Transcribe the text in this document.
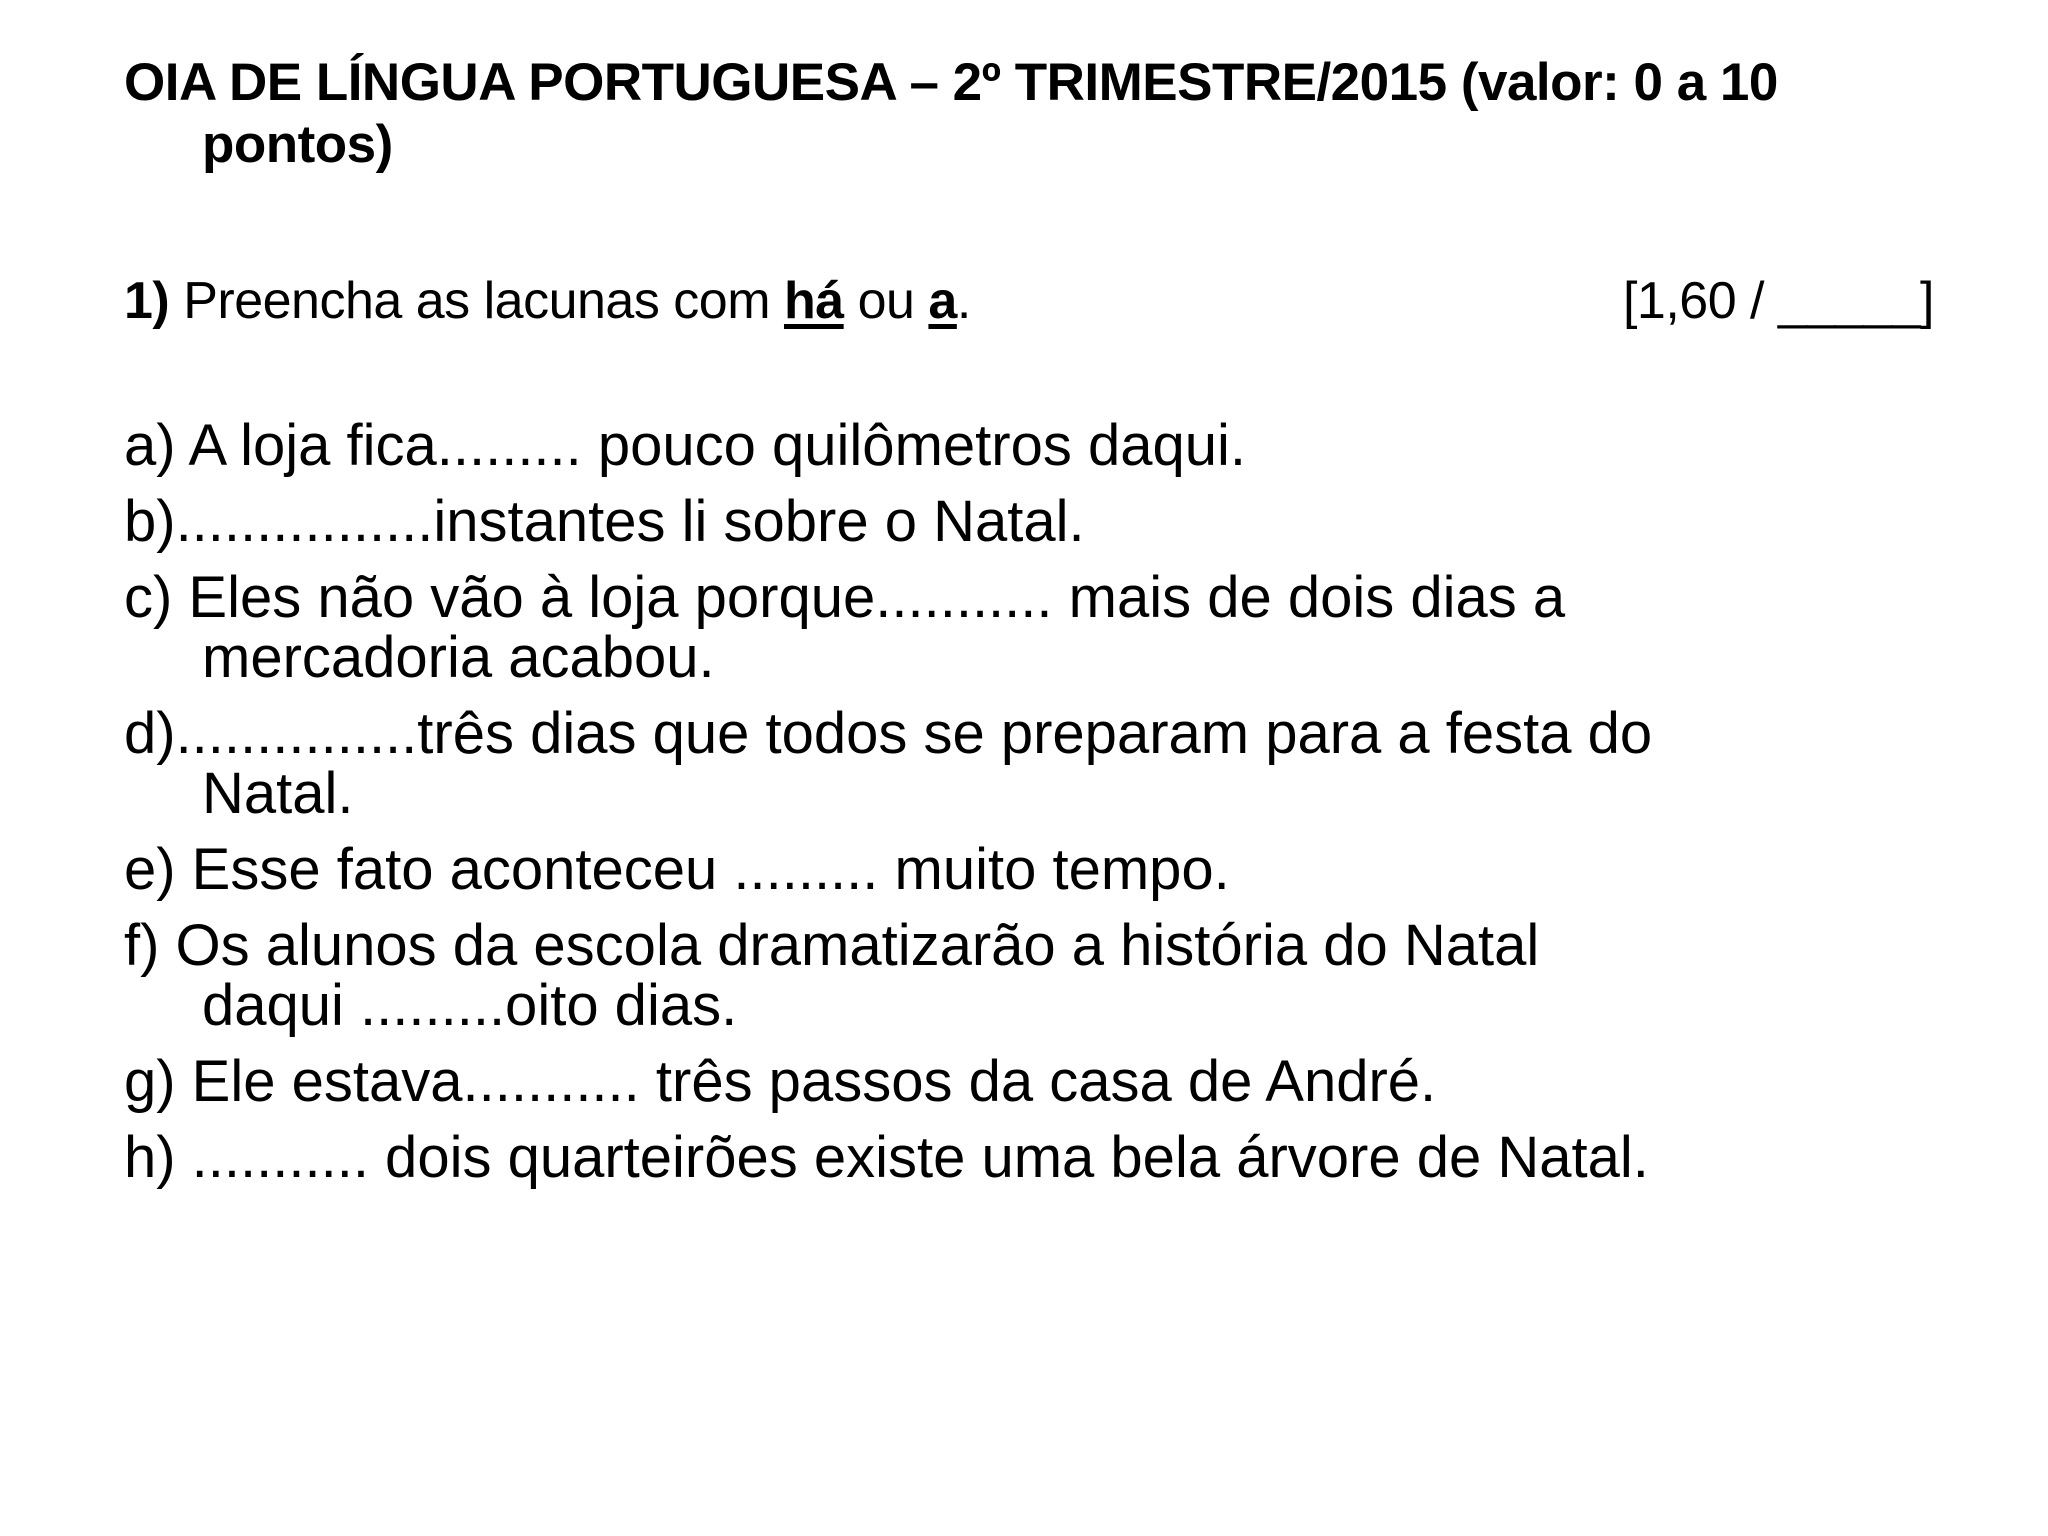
OIA DE LÍNGUA PORTUGUESA – 2º TRIMESTRE/2015 (valor: 0 a 10
pontos)
1) Preencha as lacunas com há ou a.	[1,60 / _____]
a) A loja fica......... pouco quilômetros daqui.
b)................instantes li sobre o Natal.
c) Eles não vão à loja porque........... mais de dois dias a
mercadoria acabou.
d)...............três dias que todos se preparam para a festa do
Natal.
e) Esse fato aconteceu ......... muito tempo.
f) Os alunos da escola dramatizarão a história do Natal
daqui .........oito dias.
g) Ele estava........... três passos da casa de André.
h) ........... dois quarteirões existe uma bela árvore de Natal.
